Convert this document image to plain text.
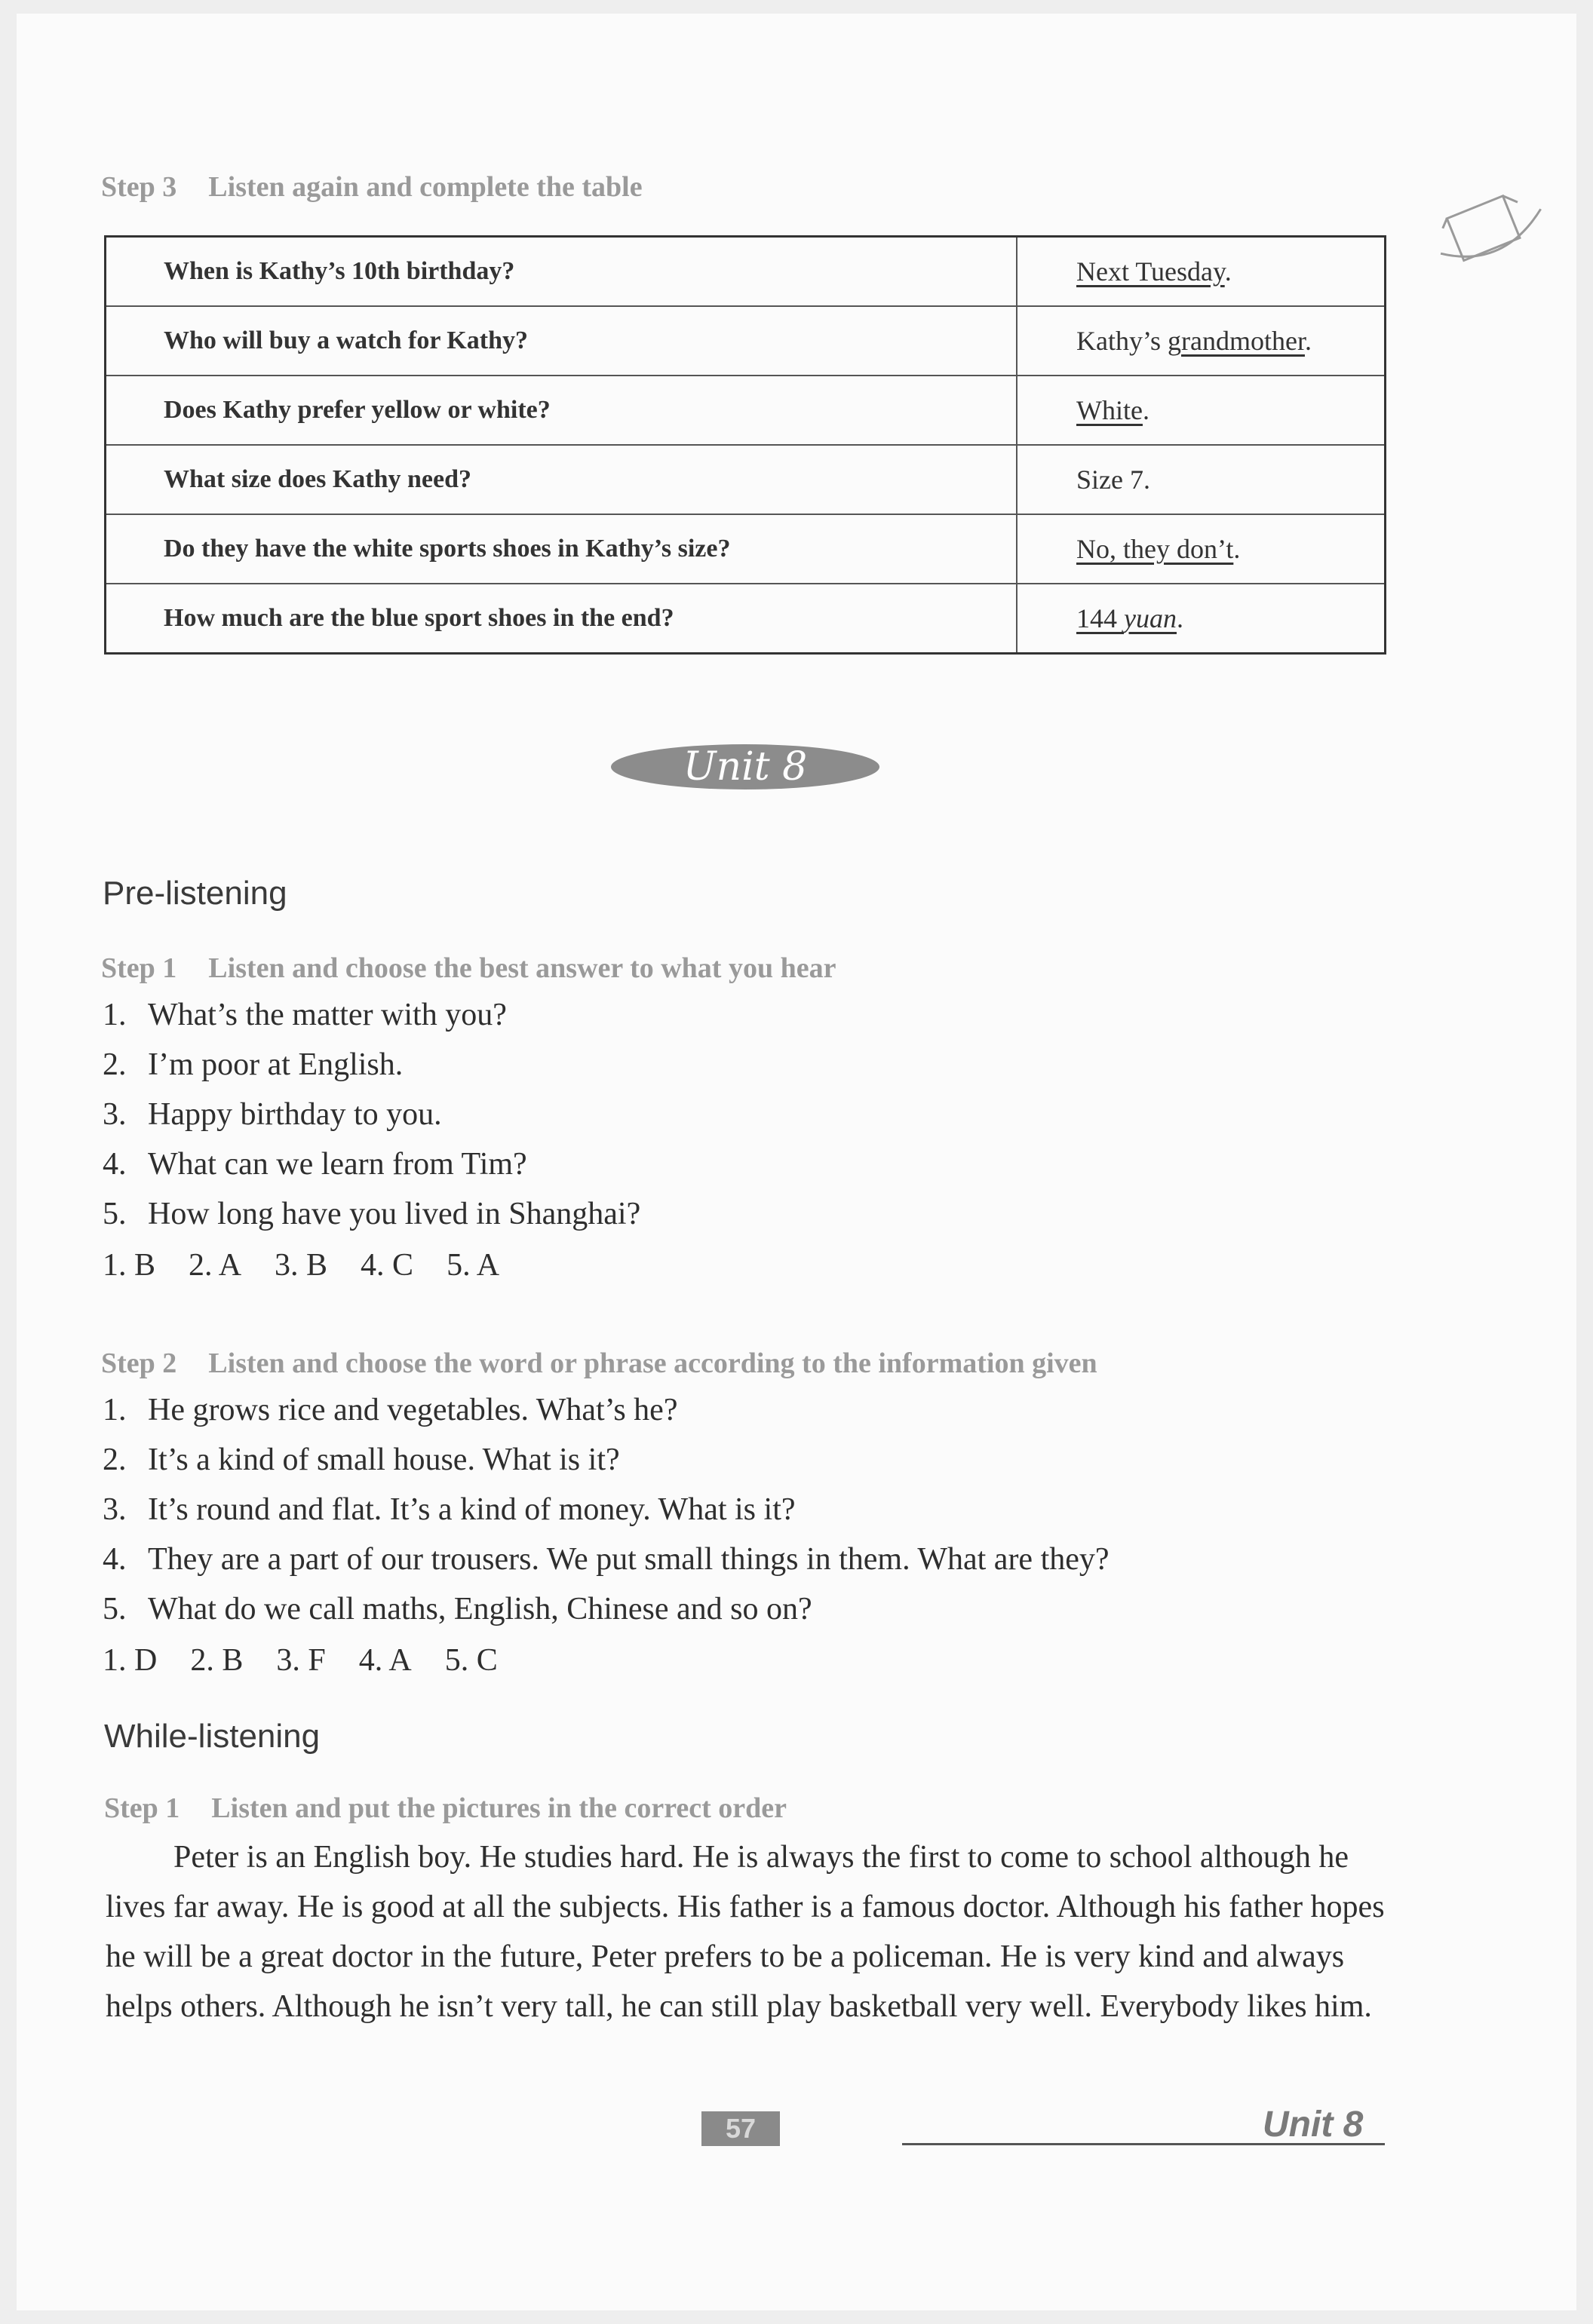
Step 3 Listen again and complete the table
When is Kathy’s 10th birthday?	Next Tuesday.
Who will buy a watch for Kathy?	Kathy’s grandmother.
Does Kathy prefer yellow or white?	White.
What size does Kathy need?	Size 7.
Do they have the white sports shoes in Kathy’s size?	No, they don’t.
How much are the blue sport shoes in the end?	144 yuan.
Unit 8
Pre-listening
Step 1 Listen and choose the best answer to what you hear
1. What’s the matter with you?
2. I’m poor at English.
3. Happy birthday to you.
4. What can we learn from Tim?
5. How long have you lived in Shanghai?
1. B 2. A 3. B 4. C 5. A
Step 2 Listen and choose the word or phrase according to the information given
1. He grows rice and vegetables. What’s he?
2. It’s a kind of small house. What is it?
3. It’s round and flat. It’s a kind of money. What is it?
4. They are a part of our trousers. We put small things in them. What are they?
5. What do we call maths, English, Chinese and so on?
1. D 2. B 3. F 4. A 5. C
While-listening
Step 1 Listen and put the pictures in the correct order

Peter is an English boy. He studies hard. He is always the first to come to school although he lives far away. He is good at all the subjects. His father is a famous doctor. Although his father hopes he will be a great doctor in the future, Peter prefers to be a policeman. He is very kind and always helps others. Although he isn’t very tall, he can still play basketball very well. Everybody likes him.

57	Unit 8
